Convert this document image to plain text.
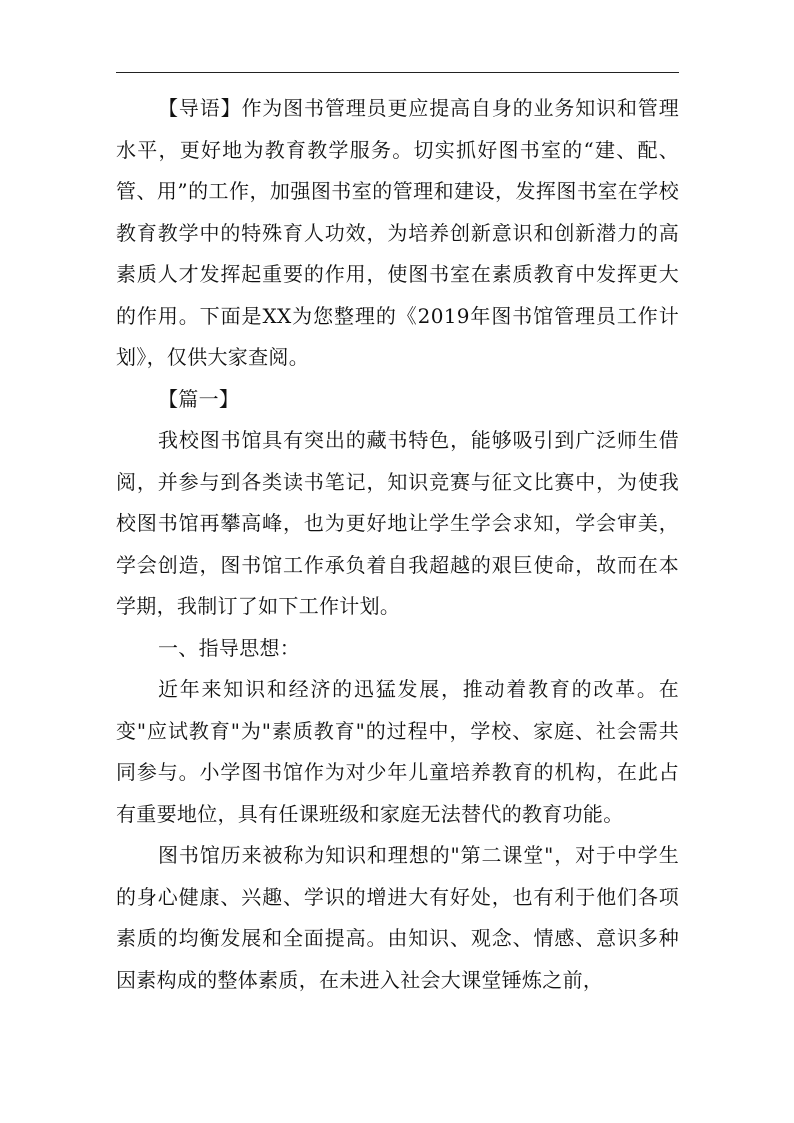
【导语】作为图书管理员更应提高自身的业务知识和管理水平，更好地为教育教学服务。切实抓好图书室的“建、配、管、用”的工作，加强图书室的管理和建设，发挥图书室在学校教育教学中的特殊育人功效，为培养创新意识和创新潜力的高素质人才发挥起重要的作用，使图书室在素质教育中发挥更大的作用。下面是XX为您整理的《2019年图书馆管理员工作计划》，仅供大家查阅。

【篇一】

我校图书馆具有突出的藏书特色，能够吸引到广泛师生借阅，并参与到各类读书笔记，知识竞赛与征文比赛中，为使我校图书馆再攀高峰，也为更好地让学生学会求知，学会审美，学会创造，图书馆工作承负着自我超越的艰巨使命，故而在本学期，我制订了如下工作计划。

一、指导思想：

近年来知识和经济的迅猛发展，推动着教育的改革。在变"应试教育"为"素质教育"的过程中，学校、家庭、社会需共同参与。小学图书馆作为对少年儿童培养教育的机构，在此占有重要地位，具有任课班级和家庭无法替代的教育功能。

图书馆历来被称为知识和理想的"第二课堂"，对于中学生的身心健康、兴趣、学识的增进大有好处，也有利于他们各项素质的均衡发展和全面提高。由知识、观念、情感、意识多种因素构成的整体素质，在未进入社会大课堂锤炼之前，
